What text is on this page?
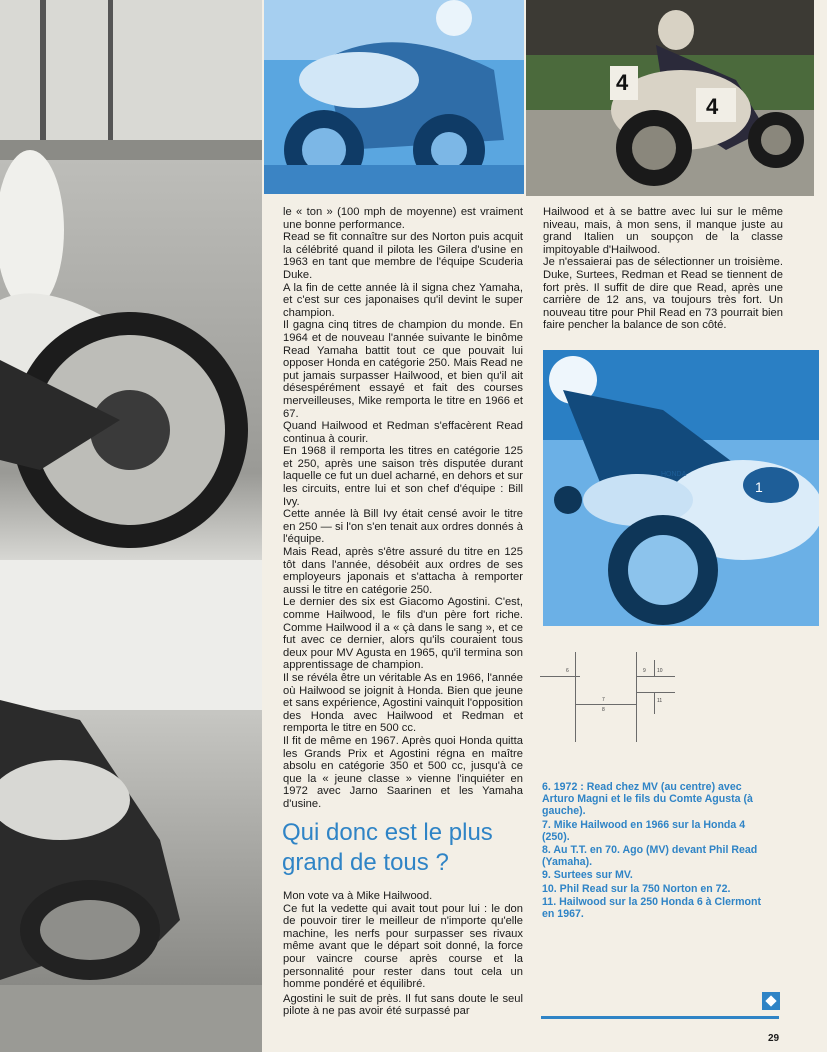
4
4

le « ton » (100 mph de moyenne) est vraiment une bonne performance.

Read se fit connaître sur des Norton puis acquit la célébrité quand il pilota les Gilera d'usine en 1963 en tant que membre de l'équipe Scuderia Duke.

A la fin de cette année là il signa chez Yamaha, et c'est sur ces japonaises qu'il devint le super champion.

Il gagna cinq titres de champion du monde. En 1964 et de nouveau l'année suivante le binôme Read Yamaha battit tout ce que pouvait lui opposer Honda en catégorie 250. Mais Read ne put jamais surpasser Hailwood, et bien qu'il ait désespérément essayé et fait des courses merveilleuses, Mike remporta le titre en 1966 et 67.

Quand Hailwood et Redman s'effacèrent Read continua à courir.

En 1968 il remporta les titres en catégorie 125 et 250, après une saison très disputée durant laquelle ce fut un duel acharné, en dehors et sur les circuits, entre lui et son chef d'équipe : Bill Ivy.

Cette année là Bill Ivy était censé avoir le titre en 250 — si l'on s'en tenait aux ordres donnés à l'équipe.

Mais Read, après s'être assuré du titre en 125 tôt dans l'année, désobéit aux ordres de ses employeurs japonais et s'attacha à remporter aussi le titre en catégorie 250.

Le dernier des six est Giacomo Agostini. C'est, comme Hailwood, le fils d'un père fort riche. Comme Hailwood il a « çà dans le sang », et ce fut avec ce dernier, alors qu'ils couraient tous deux pour MV Agusta en 1965, qu'il termina son apprentissage de champion.

Il se révéla être un véritable As en 1966, l'année où Hailwood se joignit à Honda. Bien que jeune et sans expérience, Agostini vainquit l'opposition des Honda avec Hailwood et Redman et remporta le titre en 500 cc.

Il fit de même en 1967. Après quoi Honda quitta les Grands Prix et Agostini régna en maître absolu en catégorie 350 et 500 cc, jusqu'à ce que la « jeune classe » vienne l'inquiéter en 1972 avec Jarno Saarinen et les Yamaha d'usine.

Qui donc est le plus grand de tous ?

Mon vote va à Mike Hailwood.

Ce fut la vedette qui avait tout pour lui : le don de pouvoir tirer le meilleur de n'importe qu'elle machine, les nerfs pour surpasser ses rivaux même avant que le départ soit donné, la force pour vaincre course après course et la personnalité pour rester dans tout cela un homme pondéré et équilibré.

Agostini le suit de près. Il fut sans doute le seul pilote à ne pas avoir été surpassé par

Hailwood et à se battre avec lui sur le même niveau, mais, à mon sens, il manque juste au grand Italien un soupçon de la classe impitoyable d'Hailwood.

Je n'essaierai pas de sélectionner un troisième. Duke, Surtees, Redman et Read se tiennent de fort près. Il suffit de dire que Read, après une carrière de 12 ans, va toujours très fort. Un nouveau titre pour Phil Read en 73 pourrait bien faire pencher la balance de son côté.

1
HONDA
6	9 10
7
8
11
6. 1972 : Read chez MV (au centre) avec Arturo Magni et le fils du Comte Agusta (à gauche).
7. Mike Hailwood en 1966 sur la Honda 4 (250).
8. Au T.T. en 70. Ago (MV) devant Phil Read (Yamaha).
9. Surtees sur MV.
10. Phil Read sur la 750 Norton en 72.
11. Hailwood sur la 250 Honda 6 à Clermont en 1967.
29
